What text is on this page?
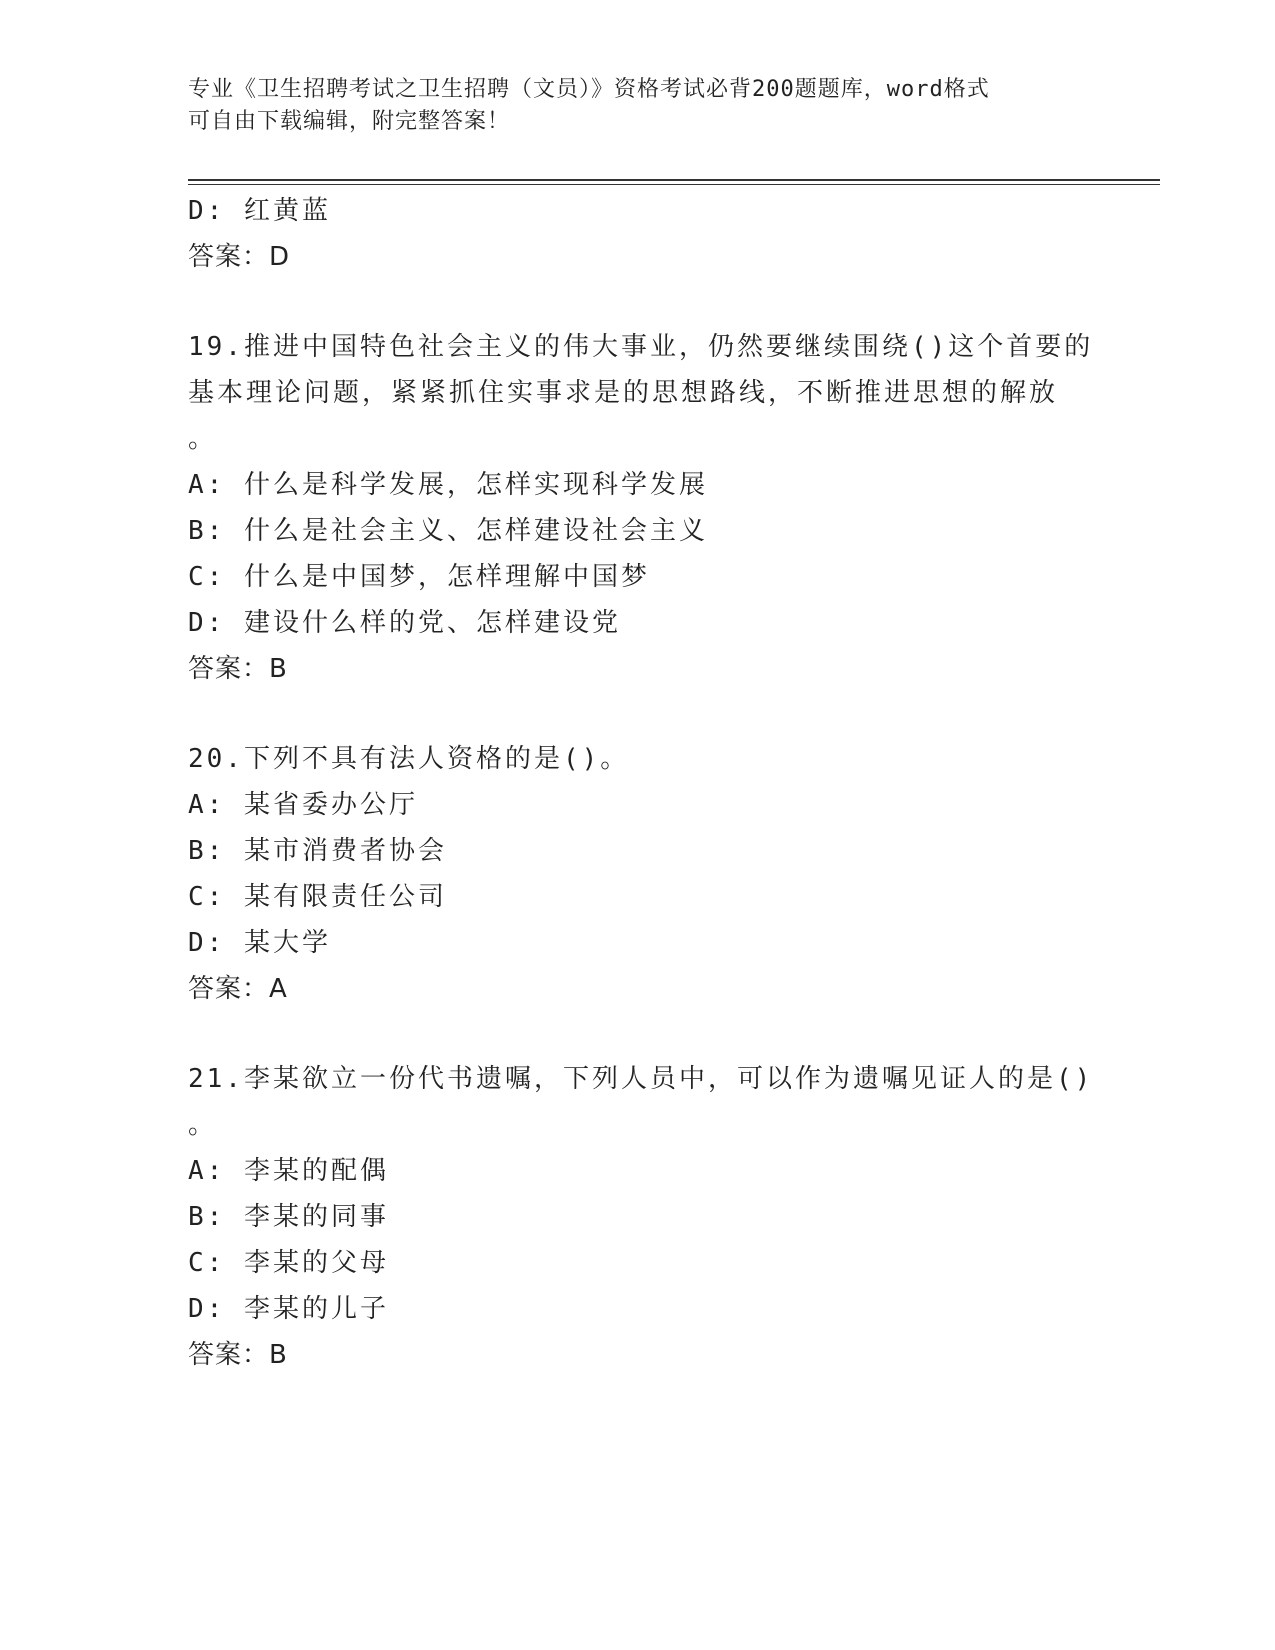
专业《卫生招聘考试之卫生招聘（文员）》资格考试必背200题题库，word格式
可自由下载编辑，附完整答案！
D: 红黄蓝
答案：D
19.推进中国特色社会主义的伟大事业，仍然要继续围绕()这个首要的
基本理论问题，紧紧抓住实事求是的思想路线，不断推进思想的解放
。
A: 什么是科学发展，怎样实现科学发展
B: 什么是社会主义、怎样建设社会主义
C: 什么是中国梦，怎样理解中国梦
D: 建设什么样的党、怎样建设党
答案：B
20.下列不具有法人资格的是()。
A: 某省委办公厅
B: 某市消费者协会
C: 某有限责任公司
D: 某大学
答案：A
21.李某欲立一份代书遗嘱，下列人员中，可以作为遗嘱见证人的是()
。
A: 李某的配偶
B: 李某的同事
C: 李某的父母
D: 李某的儿子
答案：B
